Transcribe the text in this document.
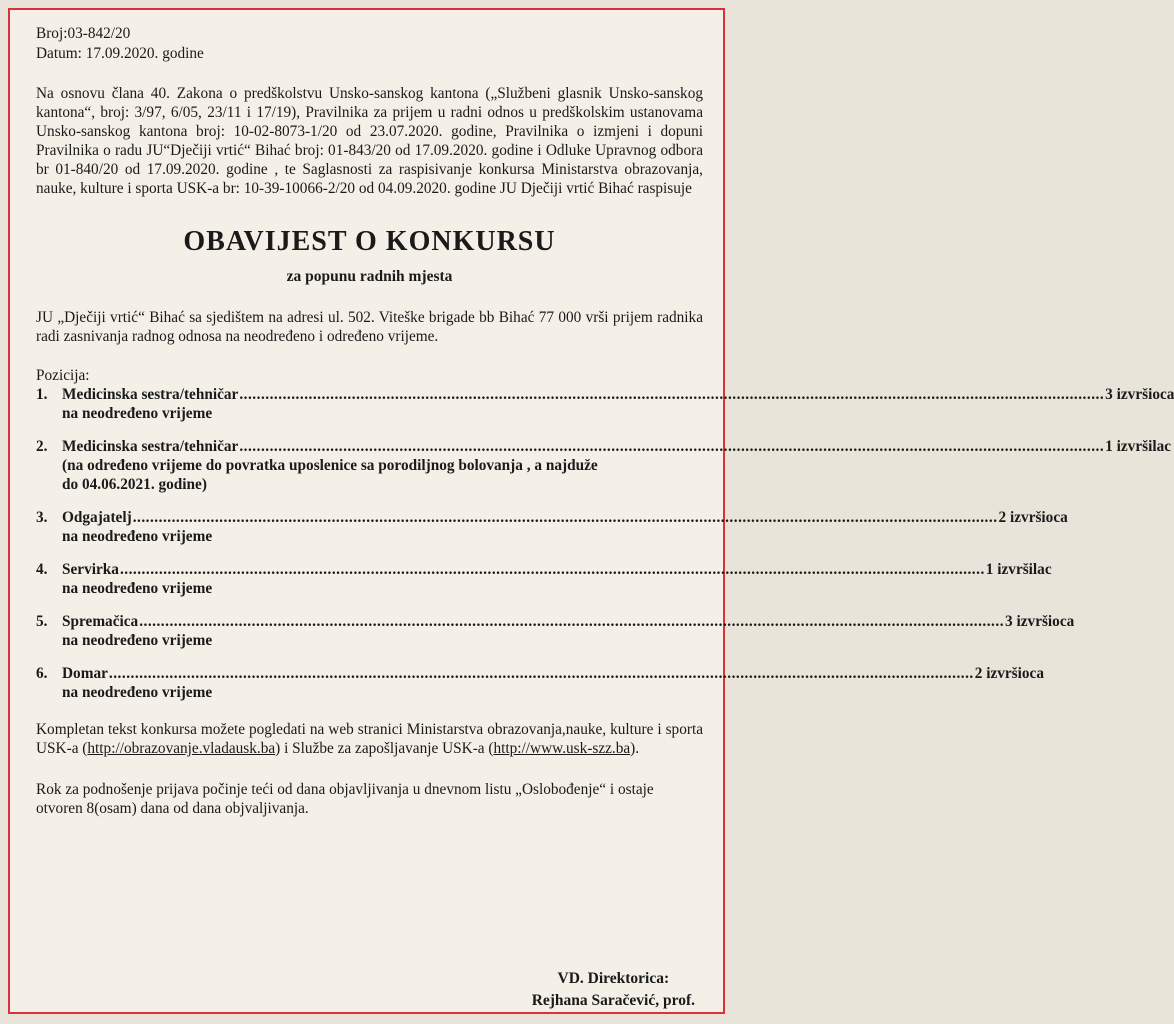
Broj:03-842/20
Datum: 17.09.2020. godine
Na osnovu člana 40. Zakona o predškolstvu Unsko-sanskog kantona („Službeni glasnik Unsko-sanskog kantona“, broj: 3/97, 6/05, 23/11 i 17/19), Pravilnika za prijem u radni odnos u predškolskim ustanovama Unsko-sanskog kantona broj: 10-02-8073-1/20 od 23.07.2020. godine, Pravilnika o izmjeni i dopuni Pravilnika o radu JU“Dječiji vrtić“ Bihać broj: 01-843/20 od 17.09.2020. godine i Odluke Upravnog odbora br 01-840/20 od 17.09.2020. godine , te Saglasnosti za raspisivanje konkursa Ministarstva obrazovanja, nauke, kulture i sporta USK-a br: 10-39-10066-2/20 od 04.09.2020. godine JU Dječiji vrtić Bihać raspisuje
OBAVIJEST O KONKURSU
za popunu radnih mjesta
JU „Dječiji vrtić“ Bihać sa sjedištem na adresi ul. 502. Viteške brigade bb Bihać 77 000 vrši prijem radnika radi zasnivanja radnog odnosa na neodređeno i određeno vrijeme.
Pozicija:
1. Medicinska sestra/tehničar ........................................................................................................................................................................................................ 3 izvršioca
na neodređeno vrijeme
2. Medicinska sestra/tehničar ........................................................................................................................................................................................................ 1 izvršilac
(na određeno vrijeme do povratka uposlenice sa porodiljnog bolovanja , a najduže
do 04.06.2021. godine)
3. Odgajatelj ........................................................................................................................................................................................................ 2 izvršioca
na neodređeno vrijeme
4. Servirka ........................................................................................................................................................................................................ 1 izvršilac
na neodređeno vrijeme
5. Spremačica ........................................................................................................................................................................................................ 3 izvršioca
na neodređeno vrijeme
6. Domar ........................................................................................................................................................................................................ 2 izvršioca
na neodređeno vrijeme
Kompletan tekst konkursa možete pogledati na web stranici Ministarstva obrazovanja,nauke, kulture i sporta USK-a (http://obrazovanje.vladausk.ba) i Službe za zapošljavanje USK-a (http://www.usk-szz.ba).
Rok za podnošenje prijava počinje teći od dana objavljivanja u dnevnom listu „Oslobođenje“ i ostaje otvoren 8(osam) dana od dana objvaljivanja.
VD. Direktorica:
Rejhana Saračević, prof.
